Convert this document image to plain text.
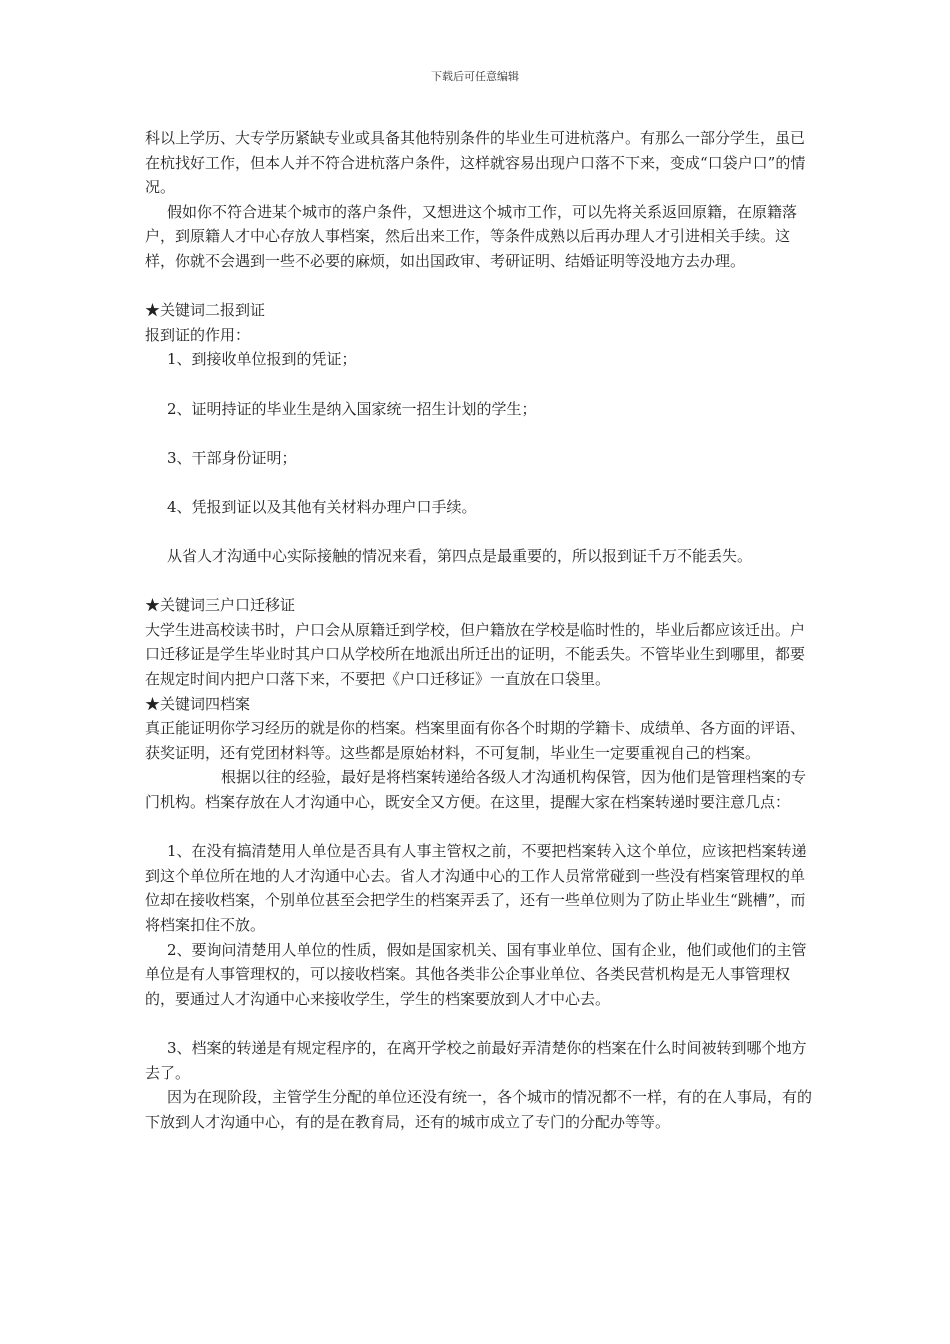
下载后可任意编辑

科以上学历、大专学历紧缺专业或具备其他特别条件的毕业生可进杭落户。有那么一部分学生，虽已在杭找好工作，但本人并不符合进杭落户条件，这样就容易出现户口落不下来，变成“口袋户口”的情况。

假如你不符合进某个城市的落户条件，又想进这个城市工作，可以先将关系返回原籍，在原籍落户，到原籍人才中心存放人事档案，然后出来工作，等条件成熟以后再办理人才引进相关手续。这样，你就不会遇到一些不必要的麻烦，如出国政审、考研证明、结婚证明等没地方去办理。

★关键词二报到证

报到证的作用：

1、到接收单位报到的凭证；

2、证明持证的毕业生是纳入国家统一招生计划的学生；

3、干部身份证明；

4、凭报到证以及其他有关材料办理户口手续。

从省人才沟通中心实际接触的情况来看，第四点是最重要的，所以报到证千万不能丢失。

★关键词三户口迁移证

大学生进高校读书时，户口会从原籍迁到学校，但户籍放在学校是临时性的，毕业后都应该迁出。户口迁移证是学生毕业时其户口从学校所在地派出所迁出的证明，不能丢失。不管毕业生到哪里，都要在规定时间内把户口落下来，不要把《户口迁移证》一直放在口袋里。

★关键词四档案

真正能证明你学习经历的就是你的档案。档案里面有你各个时期的学籍卡、成绩单、各方面的评语、获奖证明，还有党团材料等。这些都是原始材料，不可复制，毕业生一定要重视自己的档案。根据以往的经验，最好是将档案转递给各级人才沟通机构保管，因为他们是管理档案的专门机构。档案存放在人才沟通中心，既安全又方便。在这里，提醒大家在档案转递时要注意几点：

1、在没有搞清楚用人单位是否具有人事主管权之前，不要把档案转入这个单位，应该把档案转递到这个单位所在地的人才沟通中心去。省人才沟通中心的工作人员常常碰到一些没有档案管理权的单位却在接收档案，个别单位甚至会把学生的档案弄丢了，还有一些单位则为了防止毕业生“跳槽”，而将档案扣住不放。

2、要询问清楚用人单位的性质，假如是国家机关、国有事业单位、国有企业，他们或他们的主管单位是有人事管理权的，可以接收档案。其他各类非公企事业单位、各类民营机构是无人事管理权的，要通过人才沟通中心来接收学生，学生的档案要放到人才中心去。

3、档案的转递是有规定程序的，在离开学校之前最好弄清楚你的档案在什么时间被转到哪个地方去了。

因为在现阶段，主管学生分配的单位还没有统一，各个城市的情况都不一样，有的在人事局，有的下放到人才沟通中心，有的是在教育局，还有的城市成立了专门的分配办等等。
